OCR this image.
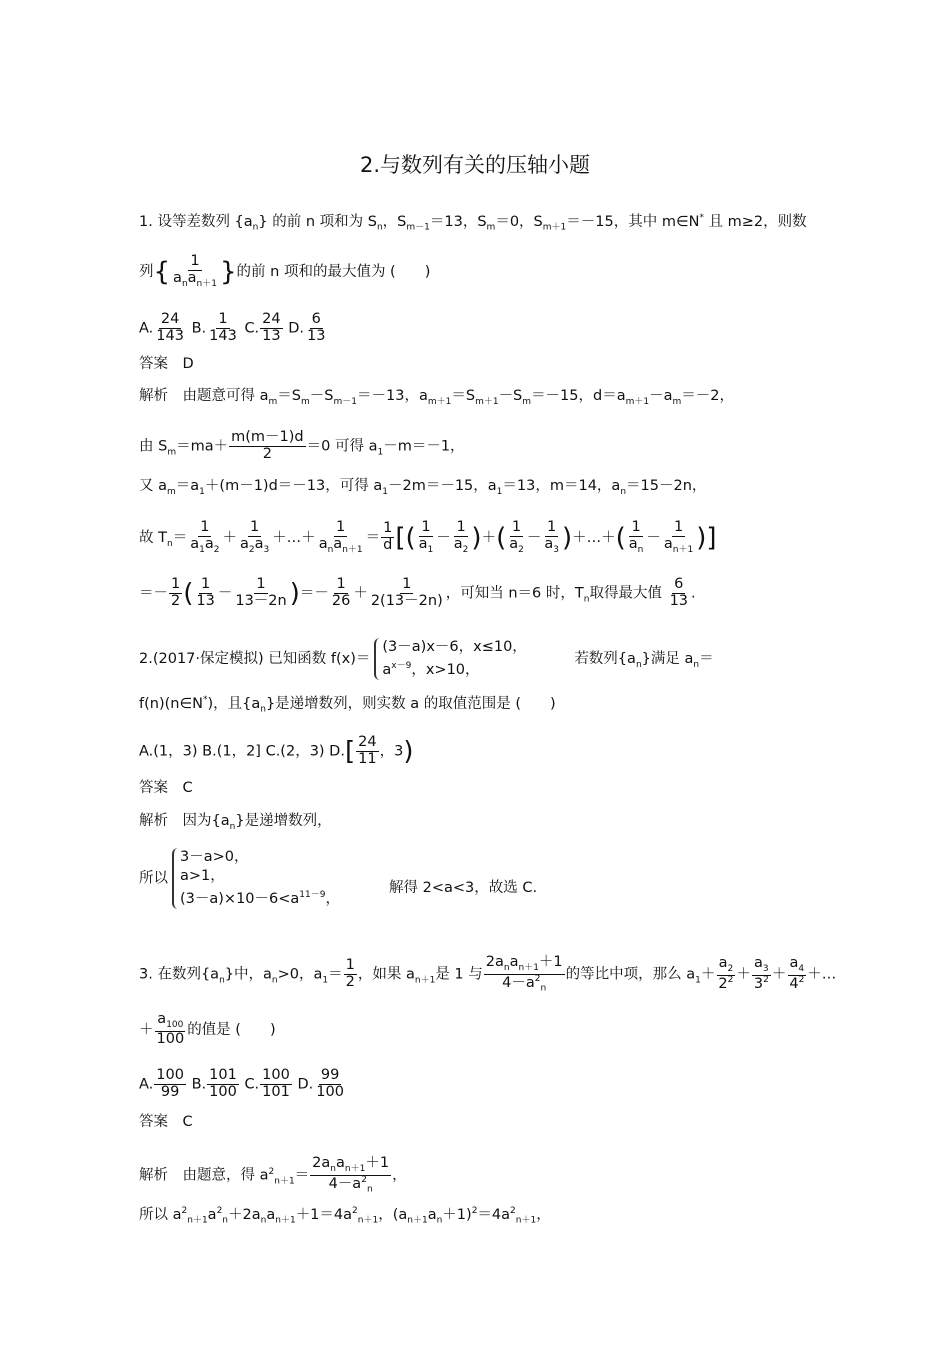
2.与数列有关的压轴小题
1. 设等差数列 $\{a_n\}$ 的前 n 项和为 $S_n$，$S_{m-1}=13$，$S_m=0$，$S_{m+1}=-15$，其中 m∈N* 且 m≥2，则数
列{ 1
$a_na_{n+1}$ }的前 n 项和的最大值为 (　　)
A. $\frac{24}{143} B$. $\frac{1}{143} C$. $\frac{24}{13} D$. $\frac{6}{13}$
答案　 D
解析　 由题意可得 $a_m=S_m-S_{m-1}=-13$，$a_{m+1}=S_{m+1}-S_m=-15$，$d=a_{m+1}-a_m=-2$，
由 $S_m=ma+ \frac{m(m-1)d}{2} =0$ 可得 $a_1-m=-1$，
又 $a_m=a_1+(m-1)d=-13$，可得 $a_1-2m=-15$，$a_1=13$，m＝14，$a_n=15-2n$，
故 $T_n= \frac{1}{a_1a_2} + \frac{1}{a_2a_3}$ ＋…＋
1
$a_na_{n+1}$
＝ $\frac{1}{d}$ [( $\frac{1}{a_1} - \frac{1}{a_2}$ )＋( $\frac{1}{a_2} - \frac{1}{a_3}$ )＋…＋( $\frac{1}{a_n} - \frac{1}{a_{n+1}}$ )]
＝－ $\frac{1}{2}$ ( $\frac{1}{13} - \frac{1}{13-2n}$ )＝－ $\frac{1}{26} + \frac{1}{2(13-2n)}$ ，可知当 n＝6 时，$T_n$取得最大值 $\frac{6}{13}$ .
2.(2017·保定模拟) 已知函数 f(x)＝
(3－a)x－6，x≤10，
$a^{x-9}$，x>10，
　　　若数列$\{a_n\}$满足 $a_n=$
f(n)(n∈N*)，且$\{a_n\}$是递增数列，则实数 a 的取值范围是 (　　)
A.(1，3) B.(1，2] C.(2，3) $D.[ \frac{24}{11}$ ，3)
答案　 C
解析　 因为$\{a_n\}$是递增数列，
所以
3－a>0，
a>1，
$(3-a)\times 10-6<a^{11-9}$，
解得 2<a<3，故选 C.
3. 在数列$\{a_n\}$中，$a_n>0$，$a_1= \frac{1}{2}$ ，如果 $a_{n+1}$是 1 与
$2a_na_{n+1}+1$
$4-a^2_n$
的等比中项，那么 $a_1+ \frac{a_2}{2^2} + \frac{a_3}{3^2} + \frac{a_4}{4^2}$ ＋…
＋ $\frac{a_{100}}{100}$ 的值是 (　　)
A. $\frac{100}{99} B$. $\frac{101}{100} C$. $\frac{100}{101} D$. $\frac{99}{100}$
答案　 C
解析　 由题意，得 $a^2_{n+1}=$
$2a_na_{n+1}+1$
$4-a^2_n$
，
所以 $a^2_{n+1}a^2_n+2a_na_{n+1}+1=4a^2_{n+1}$，$(a_{n+1}a_n+1)^2=4a^2_{n+1}$，
